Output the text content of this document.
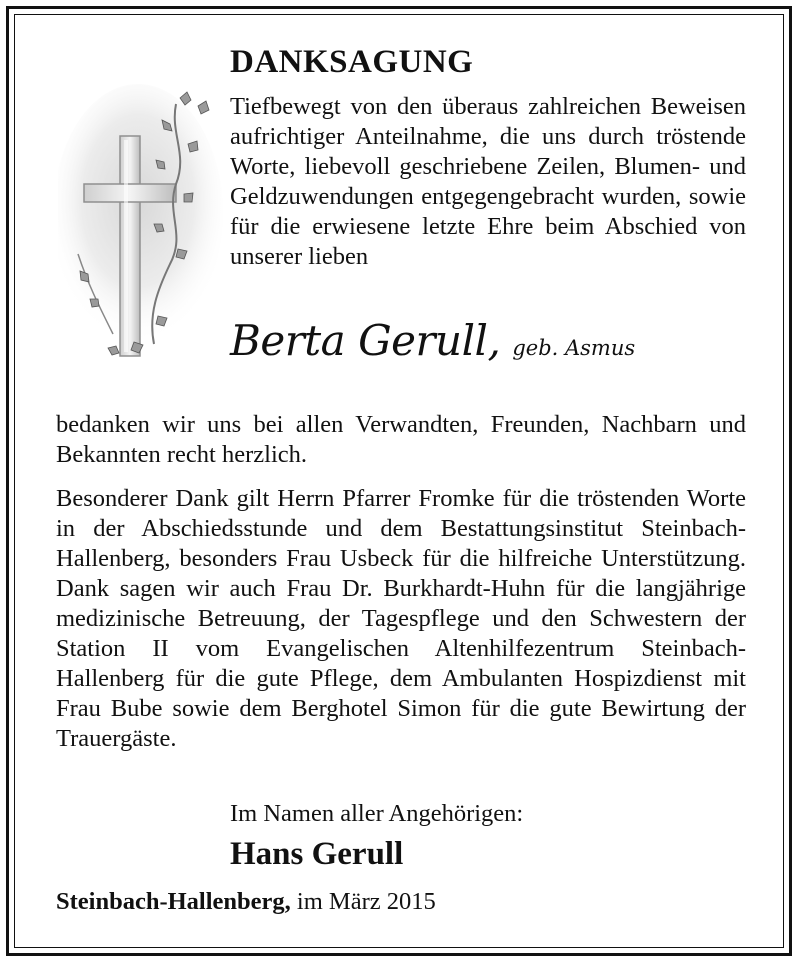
DANKSAGUNG

Tiefbewegt von den überaus zahlreichen Beweisen aufrichtiger Anteilnahme, die uns durch tröstende Worte, liebevoll geschriebene Zeilen, Blumen- und Geldzuwendungen entgegengebracht wurden, sowie für die erwiesene letzte Ehre beim Abschied von unserer lieben

Berta Gerull, geb. Asmus

bedanken wir uns bei allen Verwandten, Freunden, Nachbarn und Bekannten recht herzlich.

Besonderer Dank gilt Herrn Pfarrer Fromke für die tröstenden Worte in der Abschiedsstunde und dem Bestattungsinstitut Steinbach-Hallenberg, besonders Frau Usbeck für die hilfreiche Unterstützung. Dank sagen wir auch Frau Dr. Burkhardt-Huhn für die langjährige medizinische Betreuung, der Tagespflege und den Schwestern der Station II vom Evangelischen Altenhilfezentrum Steinbach-Hallenberg für die gute Pflege, dem Ambulanten Hospizdienst mit Frau Bube sowie dem Berghotel Simon für die gute Bewirtung der Trauergäste.

Im Namen aller Angehörigen:

Hans Gerull

Steinbach-Hallenberg, im März 2015
